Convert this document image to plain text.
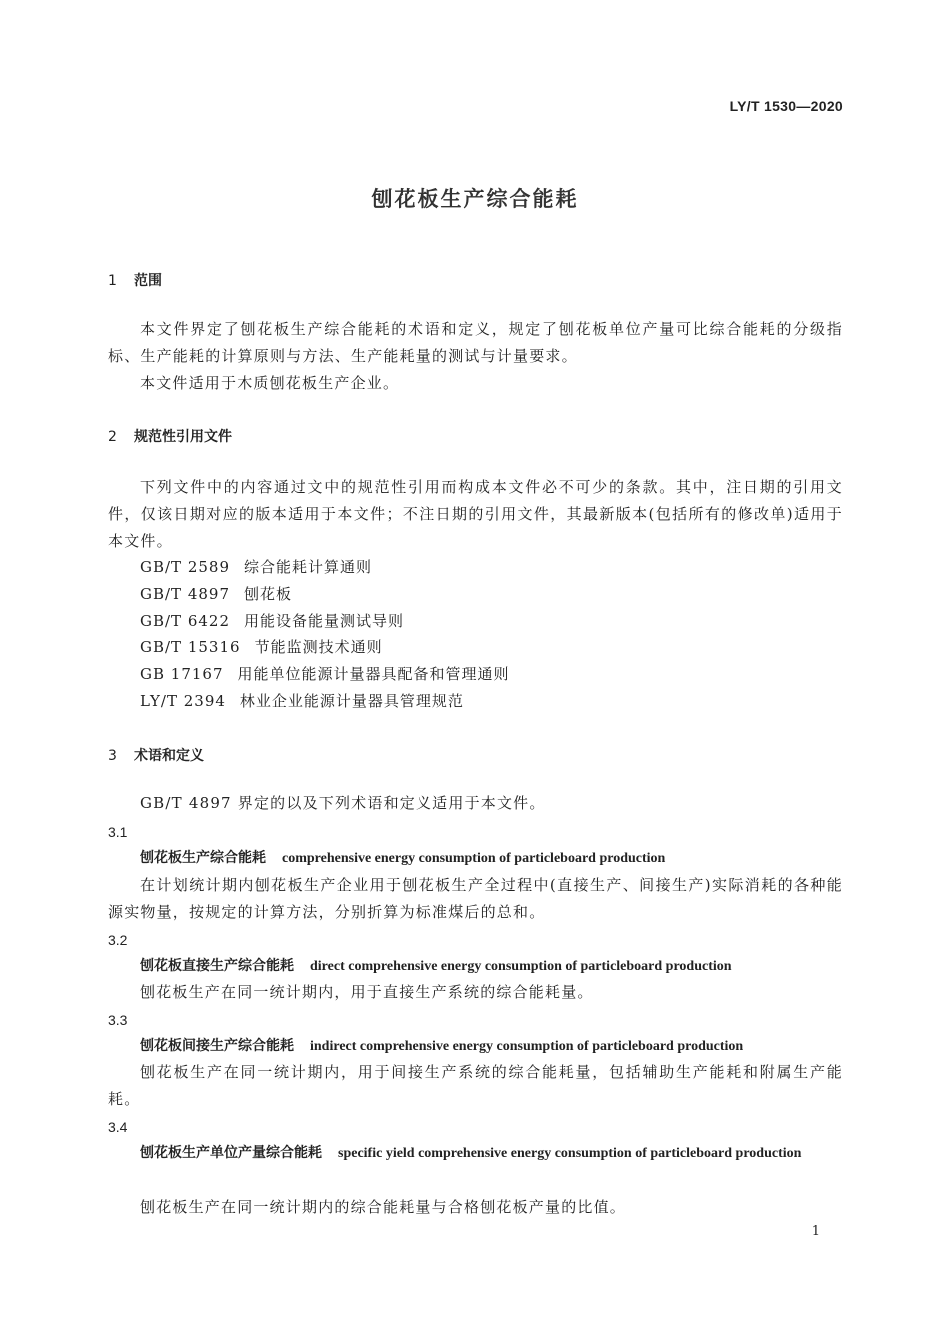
LY/T 1530—2020
刨花板生产综合能耗
1 范围
本文件界定了刨花板生产综合能耗的术语和定义，规定了刨花板单位产量可比综合能耗的分级指标、生产能耗的计算原则与方法、生产能耗量的测试与计量要求。
本文件适用于木质刨花板生产企业。
2 规范性引用文件
下列文件中的内容通过文中的规范性引用而构成本文件必不可少的条款。其中，注日期的引用文件，仅该日期对应的版本适用于本文件；不注日期的引用文件，其最新版本(包括所有的修改单)适用于本文件。
GB/T 2589 综合能耗计算通则
GB/T 4897 刨花板
GB/T 6422 用能设备能量测试导则
GB/T 15316 节能监测技术通则
GB 17167 用能单位能源计量器具配备和管理通则
LY/T 2394 林业企业能源计量器具管理规范
3 术语和定义
GB/T 4897 界定的以及下列术语和定义适用于本文件。
3.1
刨花板生产综合能耗 comprehensive energy consumption of particleboard production
在计划统计期内刨花板生产企业用于刨花板生产全过程中(直接生产、间接生产)实际消耗的各种能源实物量，按规定的计算方法，分别折算为标准煤后的总和。
3.2
刨花板直接生产综合能耗 direct comprehensive energy consumption of particleboard production
刨花板生产在同一统计期内，用于直接生产系统的综合能耗量。
3.3
刨花板间接生产综合能耗 indirect comprehensive energy consumption of particleboard production
刨花板生产在同一统计期内，用于间接生产系统的综合能耗量，包括辅助生产能耗和附属生产能耗。
3.4
刨花板生产单位产量综合能耗 specific yield comprehensive energy consumption of particleboard production
刨花板生产在同一统计期内的综合能耗量与合格刨花板产量的比值。
1
